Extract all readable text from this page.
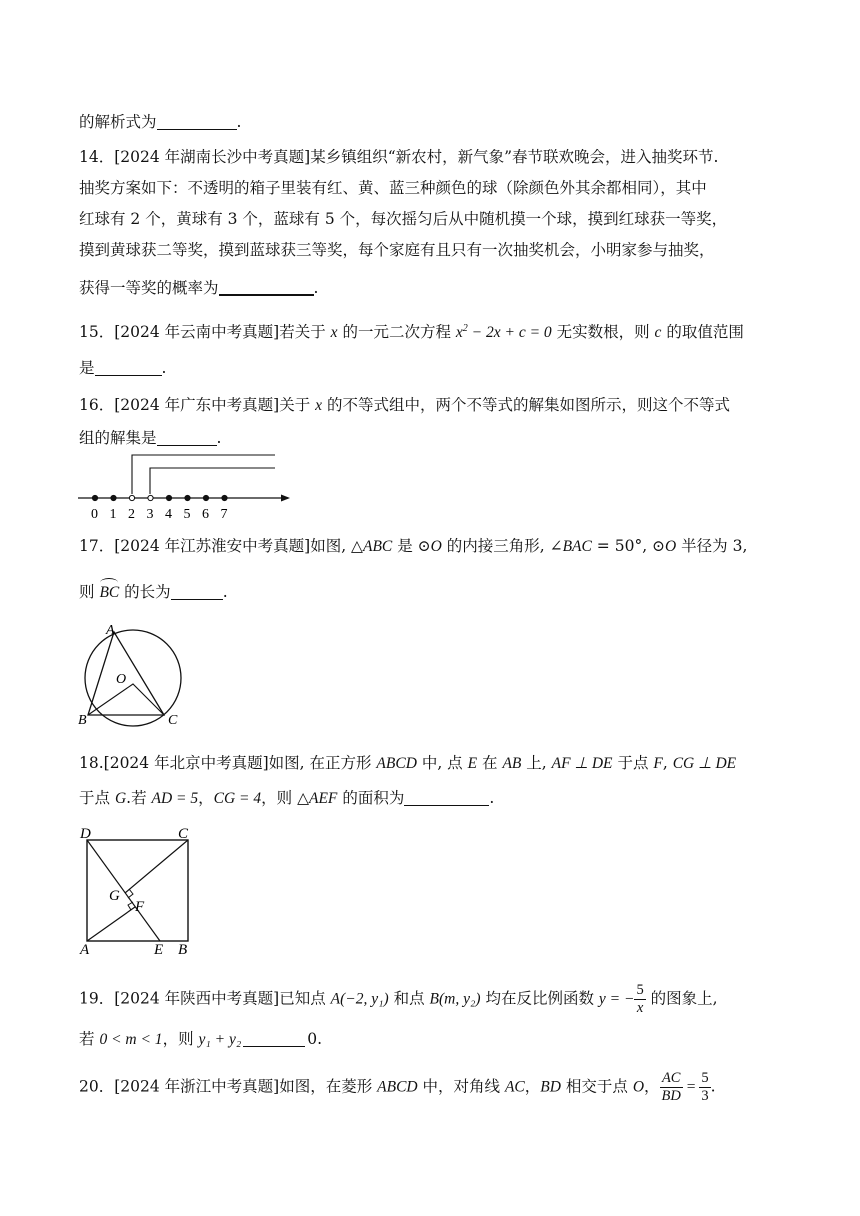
的解析式为	.
14．[2024 年湖南长沙中考真题]某乡镇组织“新农村，新气象”春节联欢晚会，进入抽奖环节.
抽奖方案如下：不透明的箱子里装有红、黄、蓝三种颜色的球（除颜色外其余都相同），其中
红球有 2 个，黄球有 3 个，蓝球有 5 个，每次摇匀后从中随机摸一个球，摸到红球获一等奖，
摸到黄球获二等奖，摸到蓝球获三等奖，每个家庭有且只有一次抽奖机会，小明家参与抽奖，
获得一等奖的概率为	.
15．[2024 年云南中考真题]若关于 x 的一元二次方程 $x^2 - 2x + c = 0$ 无实数根，则 c 的取值范围
是	.
16．[2024 年广东中考真题]关于 x 的不等式组中，两个不等式的解集如图所示，则这个不等式
组的解集是	.
0 1 2 3 4 5 6 7
17．[2024 年江苏淮安中考真题]如图, △ABC 是 ⊙O 的内接三角形, ∠BAC = 50°, ⊙O 半径为 3,
则 BC 的长为	.
A
B	C
O
18.[2024 年北京中考真题]如图, 在正方形 ABCD 中, 点 E 在 AB 上, AF ⊥ DE 于点 F, CG ⊥ DE
于点 G.若 AD = 5，CG = 4，则 △AEF 的面积为	.
D	C
A	E B
G
F
19．[2024 年陕西中考真题]已知点 A(−2, y₁) 和点 B(m, y₂) 均在反比例函数 y = − $\frac{5}{x}$ 的图象上,
若 0 < m < 1，则 y₁ + y₂	0.
20．[2024 年浙江中考真题]如图，在菱形 ABCD 中，对角线 AC，BD 相交于点 O， $\frac{AC}{BD} = \frac{5}{3}$ .
